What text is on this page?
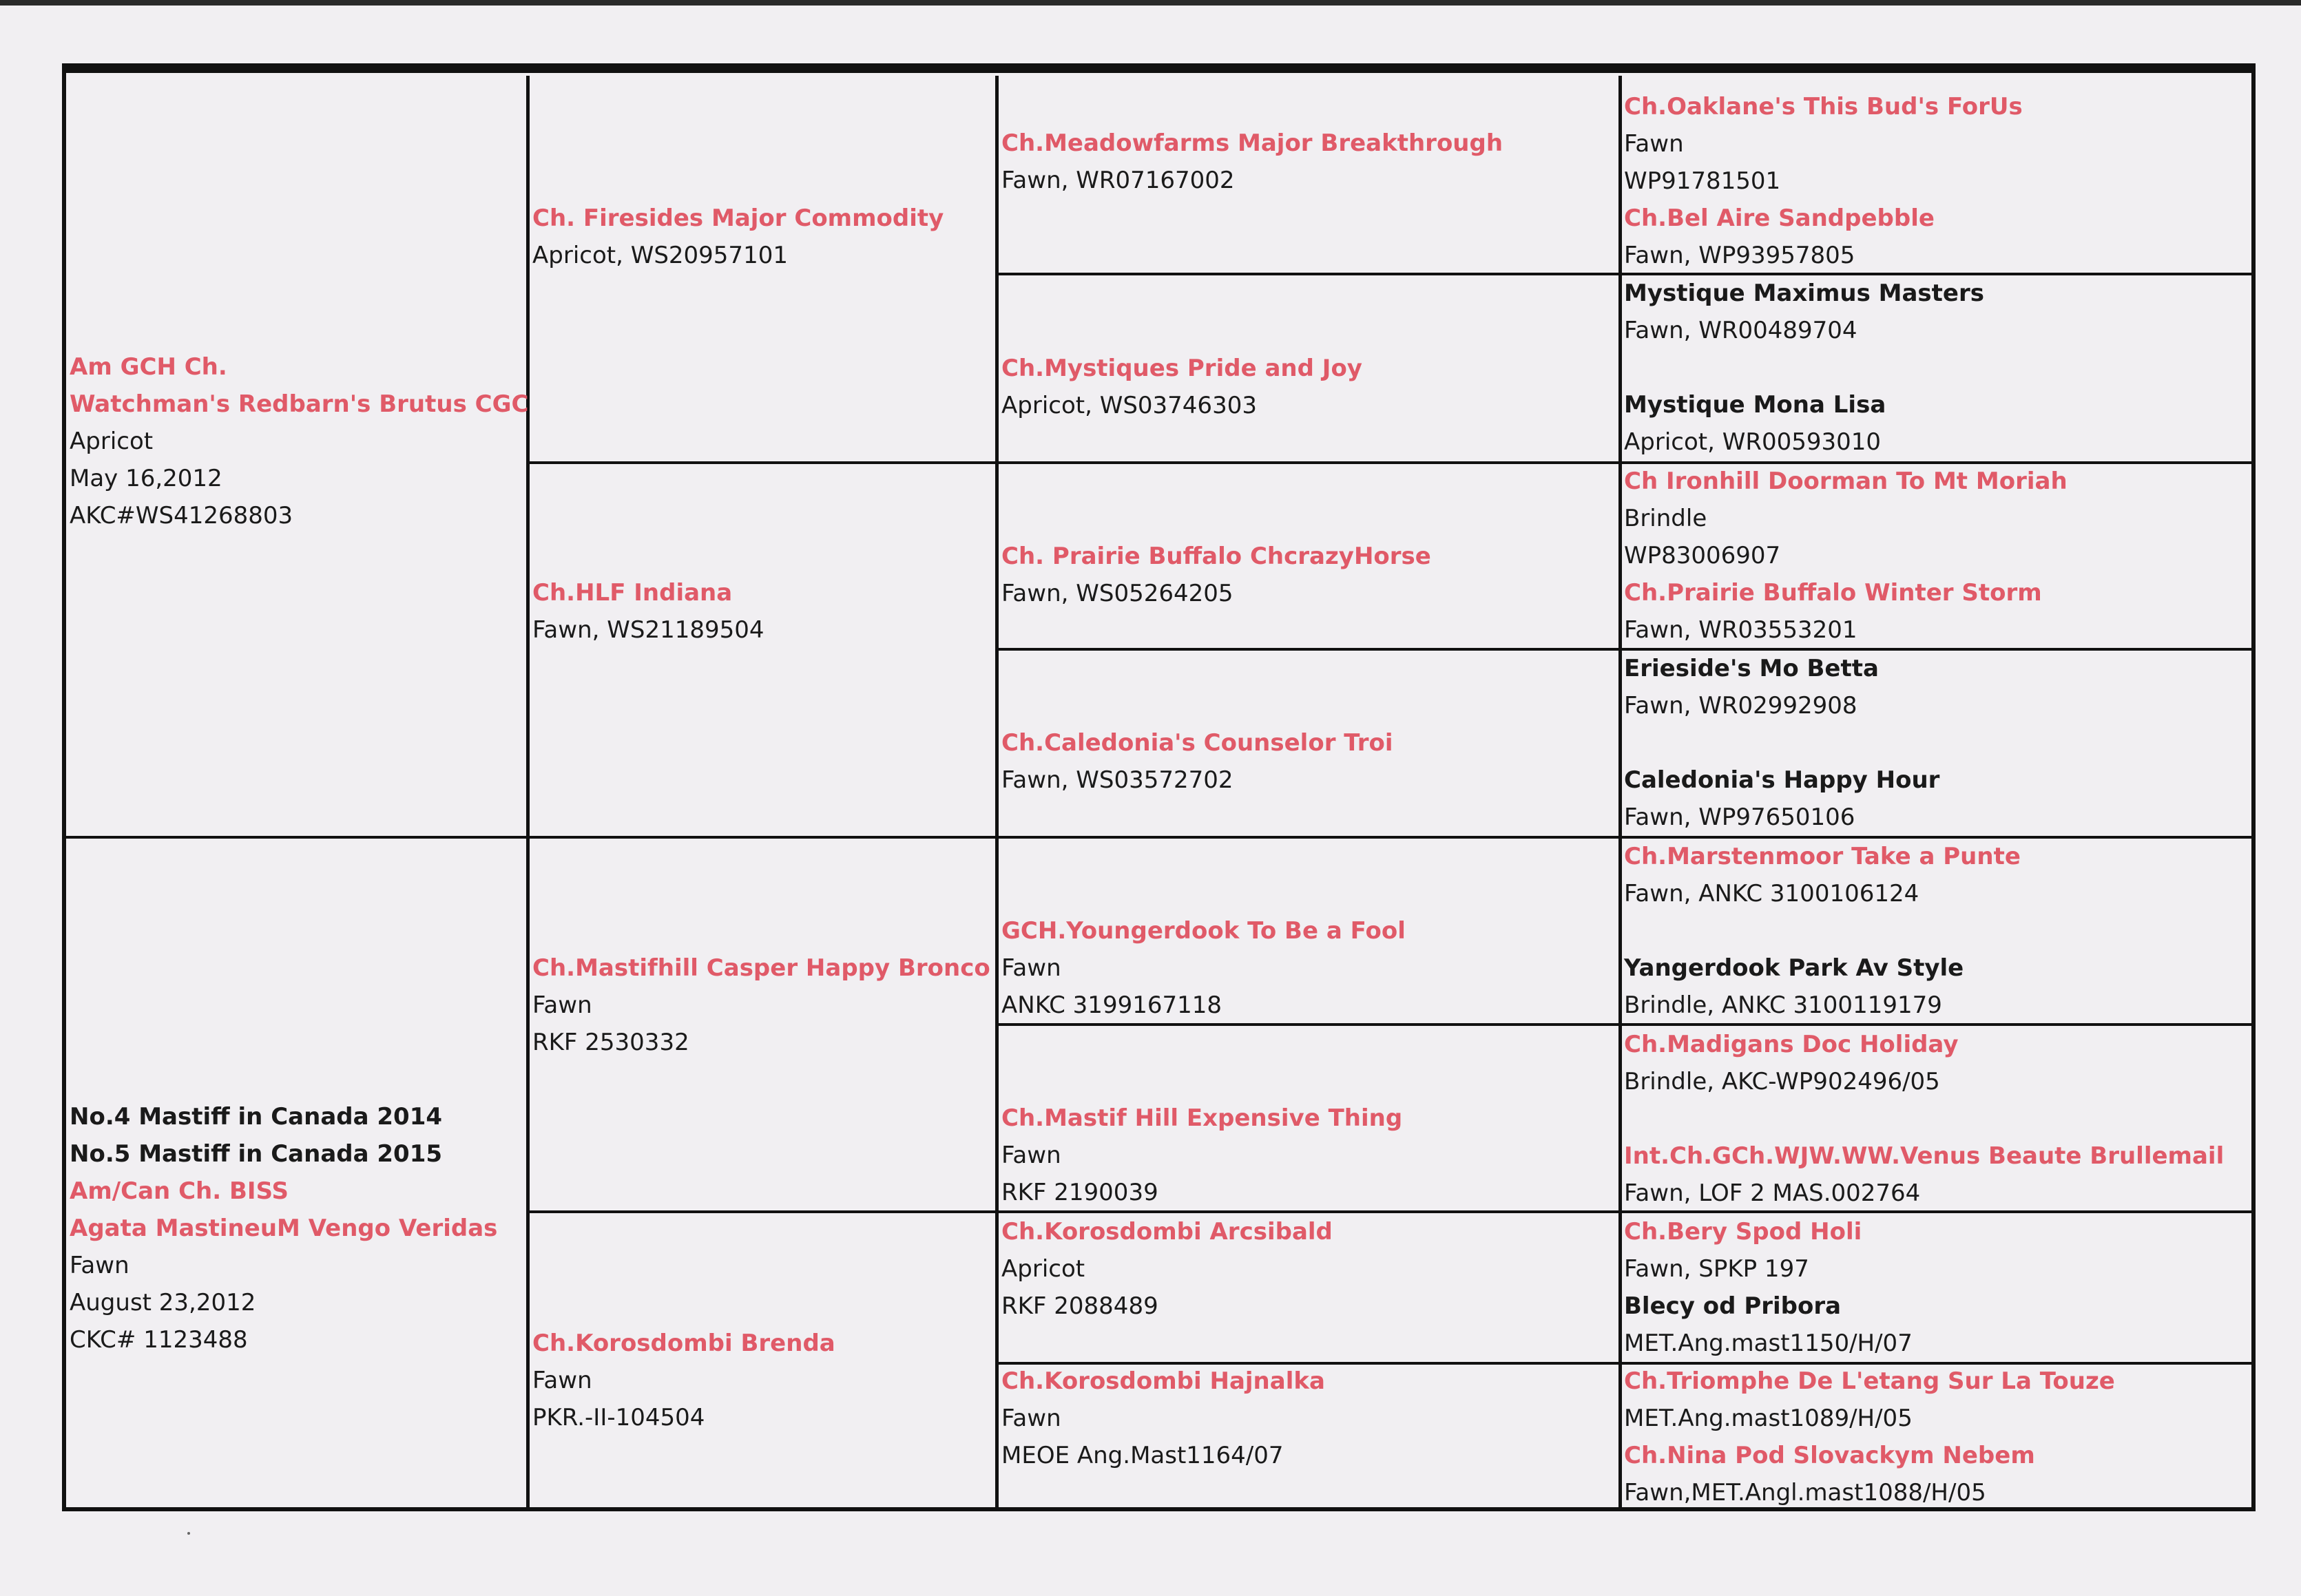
Am GCH Ch.
Watchman's Redbarn's Brutus CGC
Apricot
May 16,2012
AKC#WS41268803
No.4 Mastiff in Canada 2014
No.5 Mastiff in Canada 2015
Am/Can Ch. BISS
Agata MastineuM Vengo Veridas
Fawn
August 23,2012
CKC# 1123488
Ch. Firesides Major Commodity
Apricot, WS20957101
Ch.HLF Indiana
Fawn, WS21189504
Ch.Mastifhill Casper Happy Bronco
Fawn
RKF 2530332
Ch.Korosdombi Brenda
Fawn
PKR.-II-104504
Ch.Meadowfarms Major Breakthrough
Fawn, WR07167002
Ch.Mystiques Pride and Joy
Apricot, WS03746303
Ch. Prairie Buffalo ChcrazyHorse
Fawn, WS05264205
Ch.Caledonia's Counselor Troi
Fawn, WS03572702
GCH.Youngerdook To Be a Fool
Fawn
ANKC 3199167118
Ch.Mastif Hill Expensive Thing
Fawn
RKF 2190039
Ch.Korosdombi Arcsibald
Apricot
RKF 2088489
Ch.Korosdombi Hajnalka
Fawn
MEOE Ang.Mast1164/07
Ch.Oaklane's This Bud's ForUs
Fawn
WP91781501
Ch.Bel Aire Sandpebble
Fawn, WP93957805
Mystique Maximus Masters
Fawn, WR00489704
Mystique Mona Lisa
Apricot, WR00593010
Ch Ironhill Doorman To Mt Moriah
Brindle
WP83006907
Ch.Prairie Buffalo Winter Storm
Fawn, WR03553201
Erieside's Mo Betta
Fawn, WR02992908
Caledonia's Happy Hour
Fawn, WP97650106
Ch.Marstenmoor Take a Punte
Fawn, ANKC 3100106124
Yangerdook Park Av Style
Brindle, ANKC 3100119179
Ch.Madigans Doc Holiday
Brindle, AKC-WP902496/05
Int.Ch.GCh.WJW.WW.Venus Beaute Brullemail
Fawn, LOF 2 MAS.002764
Ch.Bery Spod Holi
Fawn, SPKP 197
Blecy od Pribora
MET.Ang.mast1150/H/07
Ch.Triomphe De L'etang Sur La Touze
MET.Ang.mast1089/H/05
Ch.Nina Pod Slovackym Nebem
Fawn,MET.Angl.mast1088/H/05
